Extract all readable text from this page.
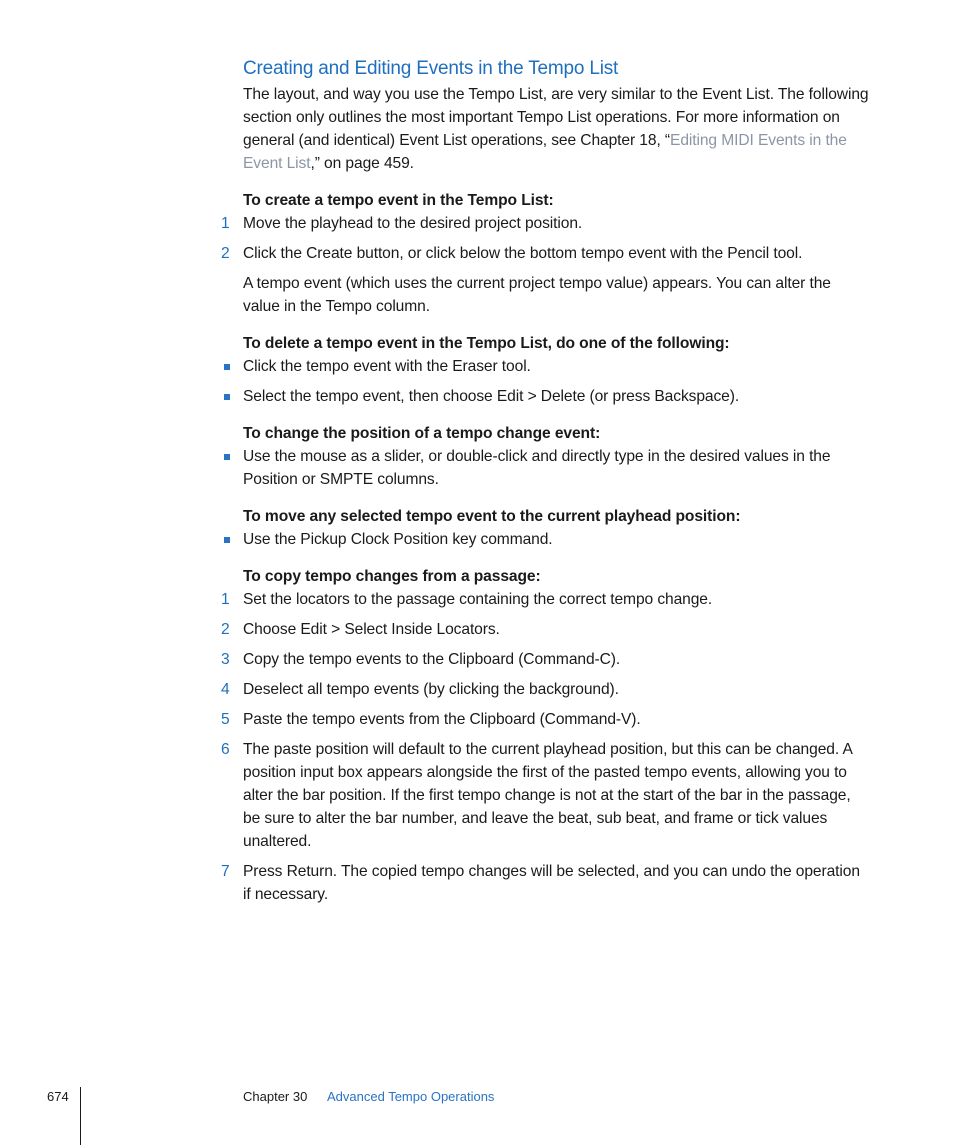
Creating and Editing Events in the Tempo List

The layout, and way you use the Tempo List, are very similar to the Event List. The following section only outlines the most important Tempo List operations. For more information on general (and identical) Event List operations, see Chapter 18, “Editing MIDI Events in the Event List,” on page 459.

To create a tempo event in the Tempo List:

1 Move the playhead to the desired project position.
2 Click the Create button, or click below the bottom tempo event with the Pencil tool.

A tempo event (which uses the current project tempo value) appears. You can alter the value in the Tempo column.

To delete a tempo event in the Tempo List, do one of the following:

Click the tempo event with the Eraser tool.
Select the tempo event, then choose Edit > Delete (or press Backspace).

To change the position of a tempo change event:

Use the mouse as a slider, or double-click and directly type in the desired values in the Position or SMPTE columns.

To move any selected tempo event to the current playhead position:

Use the Pickup Clock Position key command.

To copy tempo changes from a passage:

1 Set the locators to the passage containing the correct tempo change.
2 Choose Edit > Select Inside Locators.
3 Copy the tempo events to the Clipboard (Command-C).
4 Deselect all tempo events (by clicking the background).
5 Paste the tempo events from the Clipboard (Command-V).
6 The paste position will default to the current playhead position, but this can be changed. A position input box appears alongside the first of the pasted tempo events, allowing you to alter the bar position. If the first tempo change is not at the start of the bar in the passage, be sure to alter the bar number, and leave the beat, sub beat, and frame or tick values unaltered.
7 Press Return. The copied tempo changes will be selected, and you can undo the operation if necessary.
674	Chapter 30 Advanced Tempo Operations
